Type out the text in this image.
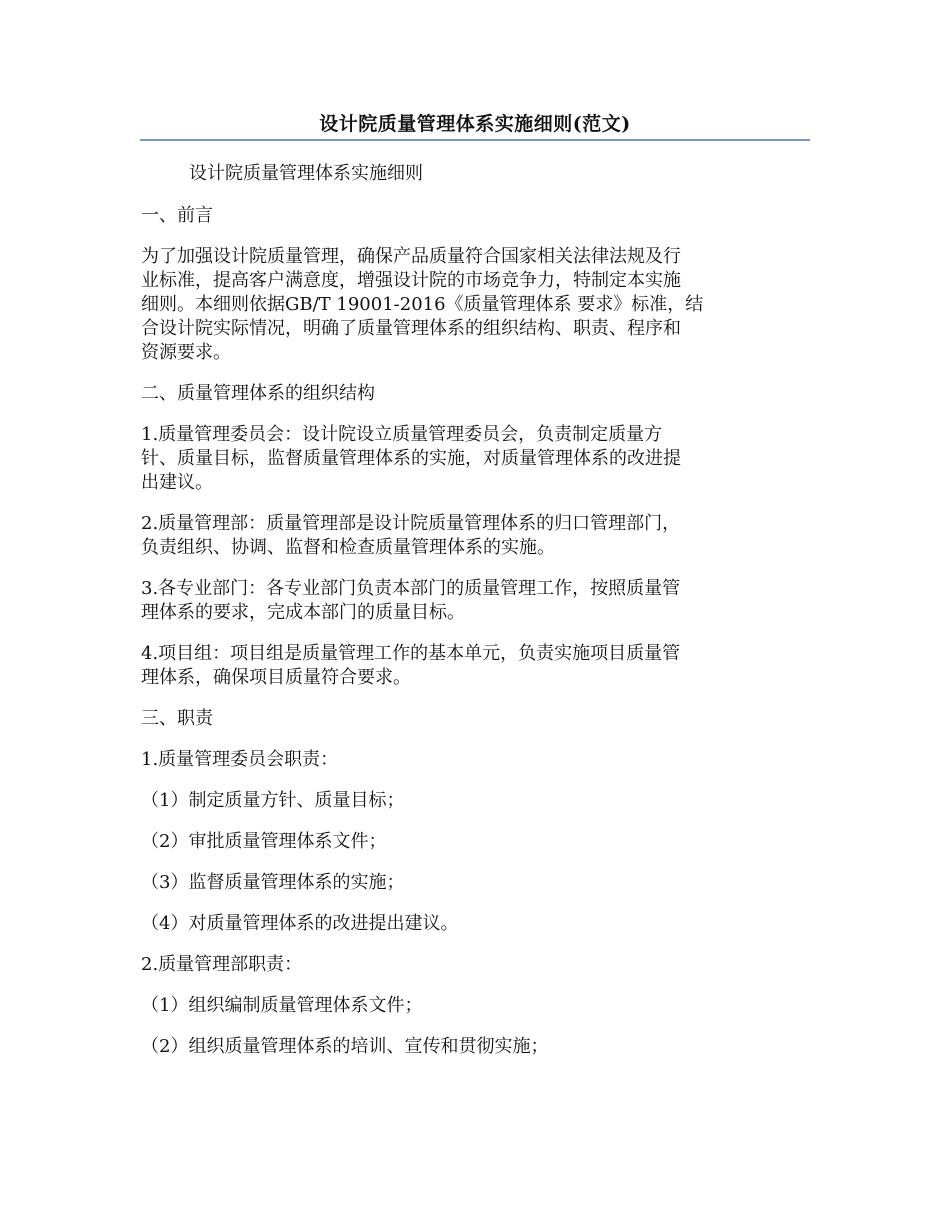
设计院质量管理体系实施细则(范文)

设计院质量管理体系实施细则

一、前言

为了加强设计院质量管理，确保产品质量符合国家相关法律法规及行

业标准，提高客户满意度，增强设计院的市场竞争力，特制定本实施

细则。本细则依据GB/T 19001-2016《质量管理体系 要求》标准，结

合设计院实际情况，明确了质量管理体系的组织结构、职责、程序和

资源要求。

二、质量管理体系的组织结构

1.质量管理委员会：设计院设立质量管理委员会，负责制定质量方

针、质量目标，监督质量管理体系的实施，对质量管理体系的改进提

出建议。

2.质量管理部：质量管理部是设计院质量管理体系的归口管理部门，

负责组织、协调、监督和检查质量管理体系的实施。

3.各专业部门：各专业部门负责本部门的质量管理工作，按照质量管

理体系的要求，完成本部门的质量目标。

4.项目组：项目组是质量管理工作的基本单元，负责实施项目质量管

理体系，确保项目质量符合要求。

三、职责

1.质量管理委员会职责：

（1）制定质量方针、质量目标；

（2）审批质量管理体系文件；

（3）监督质量管理体系的实施；

（4）对质量管理体系的改进提出建议。

2.质量管理部职责：

（1）组织编制质量管理体系文件；

（2）组织质量管理体系的培训、宣传和贯彻实施；
